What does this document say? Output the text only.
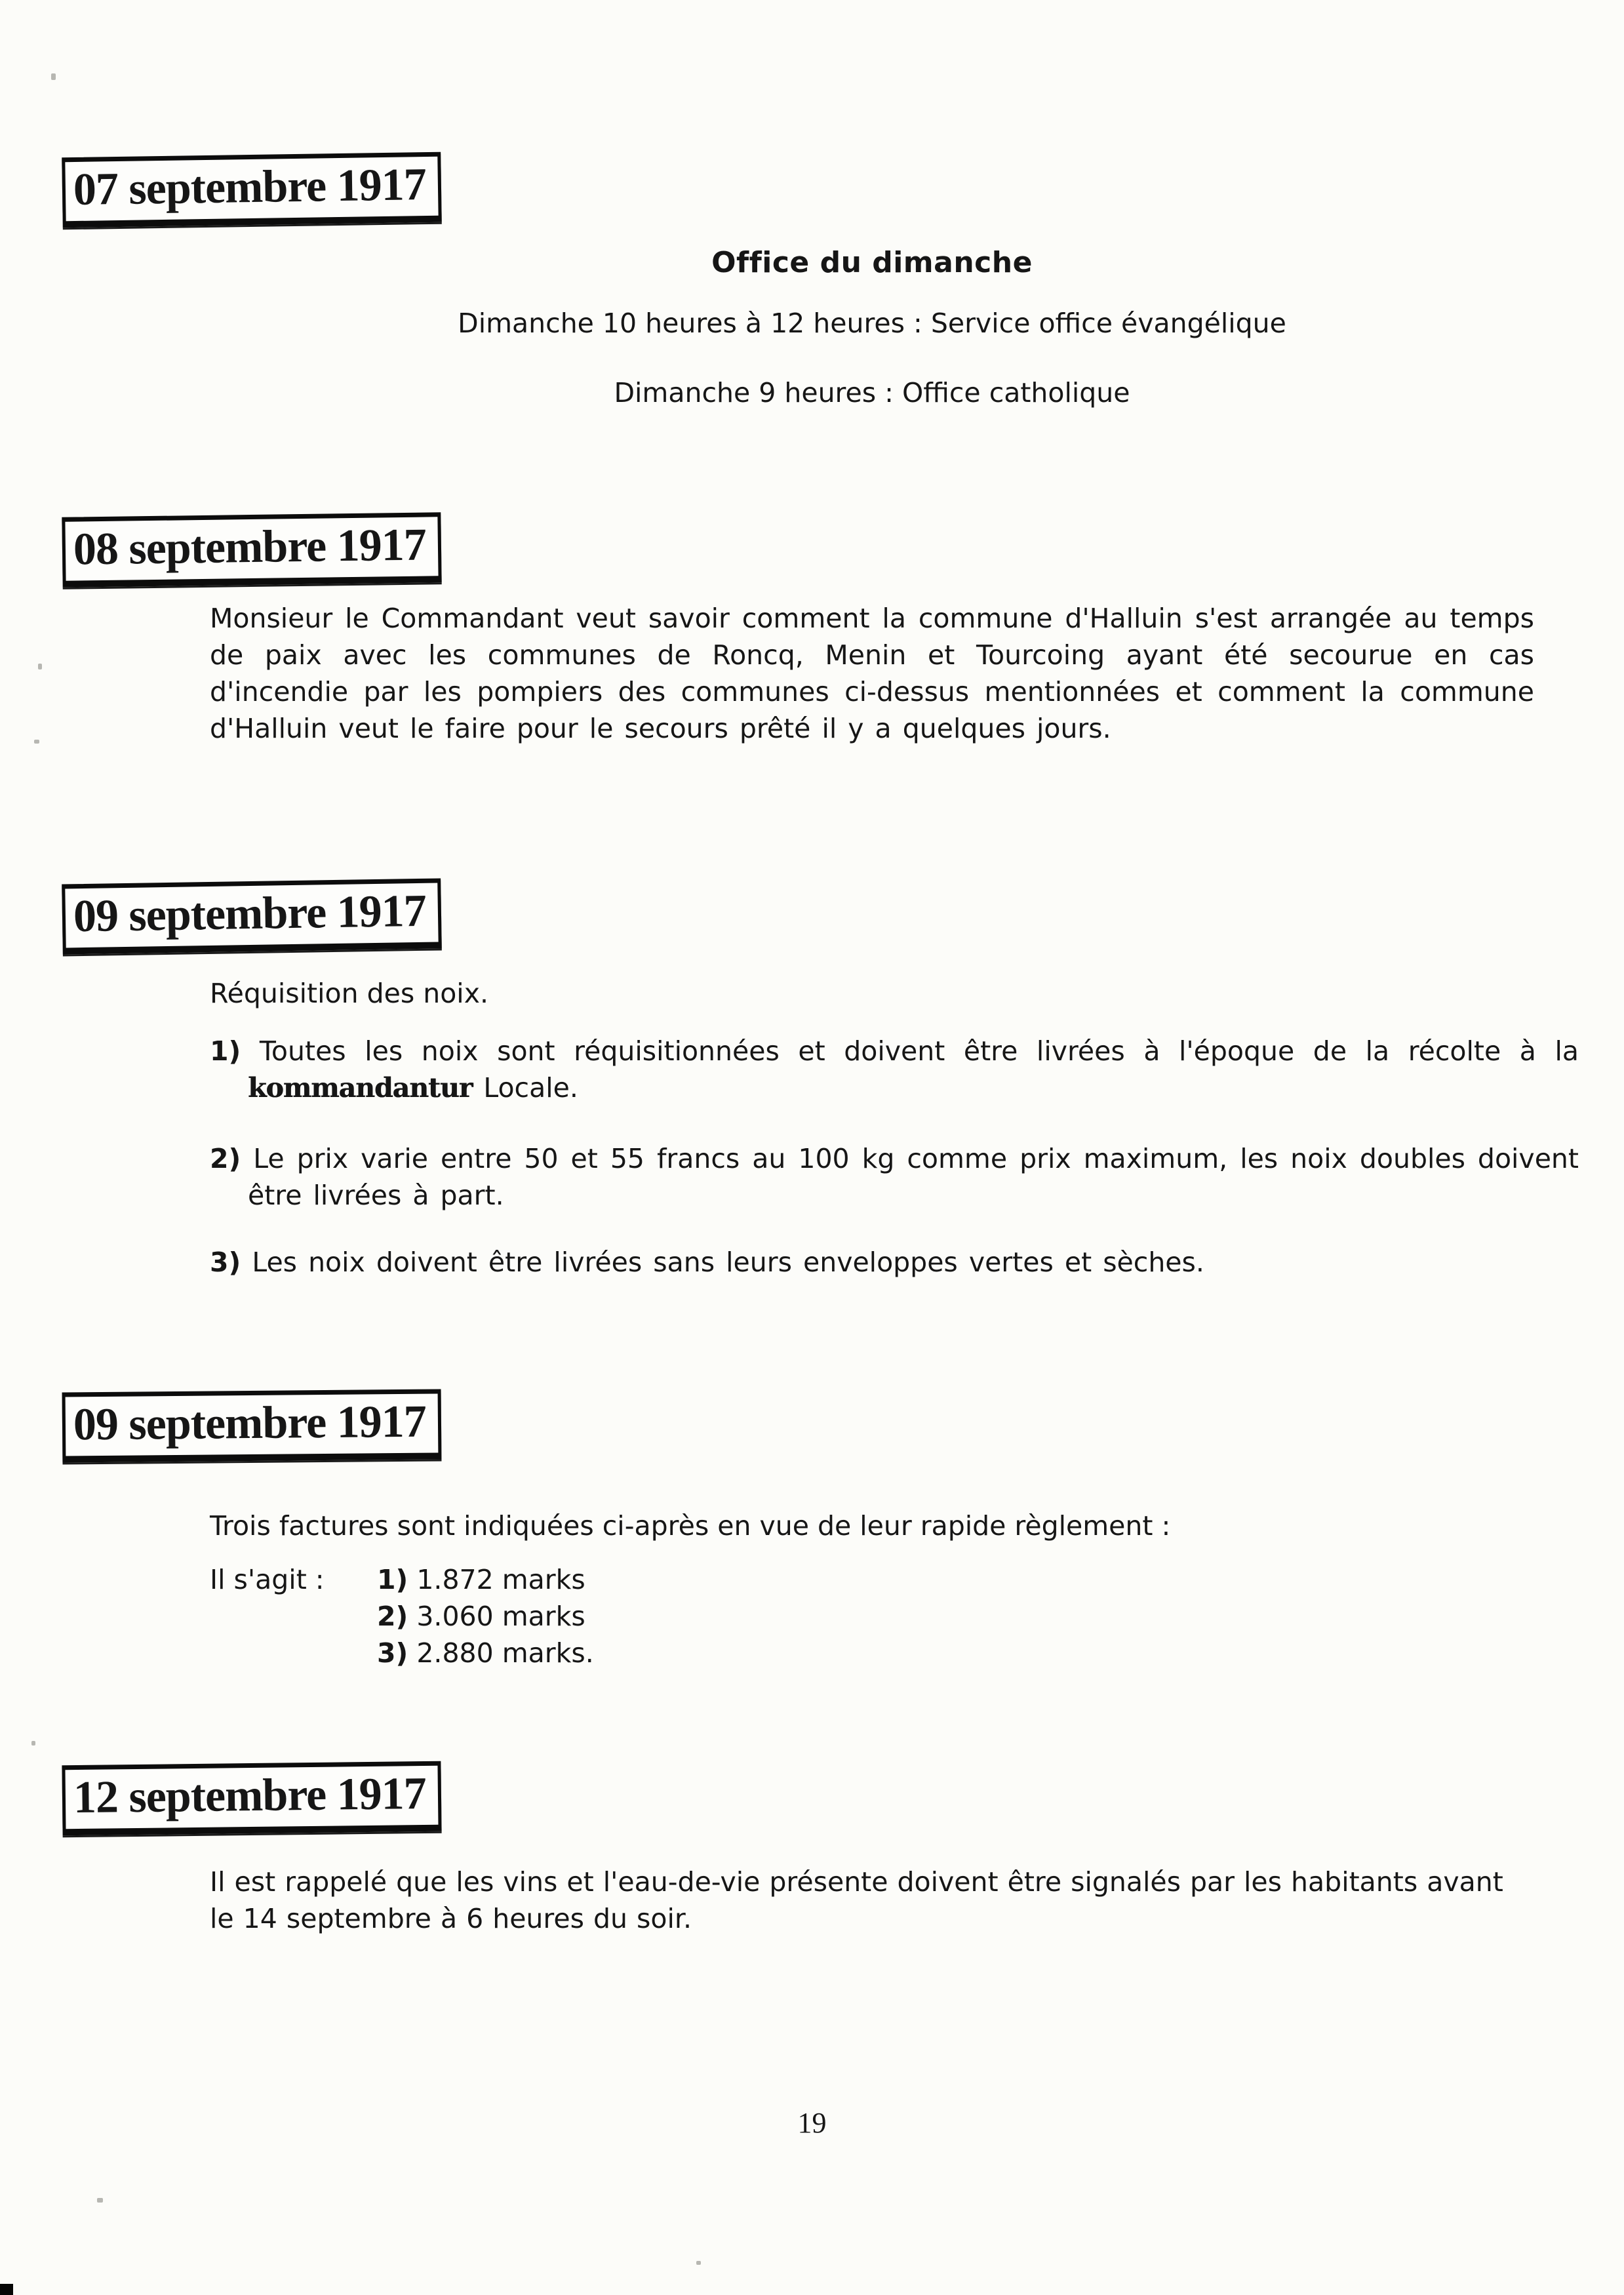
07 septembre 1917
Office du dimanche
Dimanche 10 heures à 12 heures : Service office évangélique
Dimanche 9 heures : Office catholique
08 septembre 1917

Monsieur le Commandant veut savoir comment la commune d'Halluin s'est arrangée au temps de paix avec les communes de Roncq, Menin et Tourcoing ayant été secourue en cas d'incendie par les pompiers des communes ci-dessus mentionnées et comment la commune d'Halluin veut le faire pour le secours prêté il y a quelques jours.

09 septembre 1917
Réquisition des noix.
1) Toutes les noix sont réquisitionnées et doivent être livrées à l'époque de la récolte à la kommandantur Locale.
2) Le prix varie entre 50 et 55 francs au 100 kg comme prix maximum, les noix doubles doivent être livrées à part.
3) Les noix doivent être livrées sans leurs enveloppes vertes et sèches.
09 septembre 1917
Trois factures sont indiquées ci-après en vue de leur rapide règlement :
Il s'agit :	1) 1.872 marks
2) 3.060 marks
3) 2.880 marks.
12 septembre 1917

Il est rappelé que les vins et l'eau-de-vie présente doivent être signalés par les habitants avant le 14 septembre à 6 heures du soir.

19
